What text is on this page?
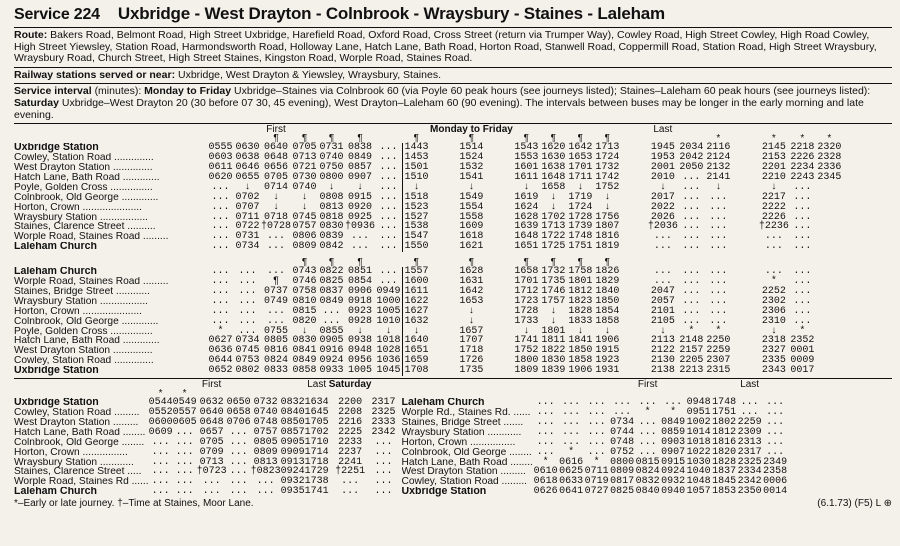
Service 224 Uxbridge - West Drayton - Colnbrook - Wraysbury - Staines - Laleham
Route: Bakers Road, Belmont Road, High Street Uxbridge, Harefield Road, Oxford Road, Cross Street (return via Trumper Way), Cowley Road, High Street Cowley, High Road Cowley, High Street Yiewsley, Station Road, Harmondsworth Road, Holloway Lane, Hatch Lane, Bath Road, Horton Road, Stanwell Road, Coppermill Road, Station Road, High Street Wraysbury, Wraysbury Road, Church Street, High Street Staines, Kingston Road, Worple Road, Staines Road.
Railway stations served or near: Uxbridge, West Drayton & Yiewsley, Wraysbury, Staines.
Service interval (minutes): Monday to Friday Uxbridge–Staines via Colnbrook 60 (via Poyle 60 peak hours (see journeys listed); Staines–Laleham 60 peak hours (see journeys listed): Saturday Uxbridge–West Drayton 20 (30 before 07 30, 45 evening), West Drayton–Laleham 60 (90 evening). The intervals between buses may be longer in the early morning and late evening.
			First						Monday to Friday						Last						
			¶	¶	¶	¶		¶	¶	¶	¶	¶	¶				*		*	*	*
Uxbridge Station	0555	0630	0640	0705	0731	0838	...	1443	1514	1543	1620	1642	1713		1945	2034	2116		2145	2218	2320
Cowley, Station Road ..............	0603	0638	0648	0713	0740	0849	...	1453	1524	1553	1630	1653	1724		1953	2042	2124		2153	2226	2328
West Drayton Station ..............	0611	0646	0656	0721	0750	0857	...	1501	1532	1601	1638	1701	1732		2001	2050	2132		2201	2234	2336
Hatch Lane, Bath Road .............	0620	0655	0705	0730	0800	0907	...	1510	1541	1611	1648	1711	1742		2010	...	2141		2210	2243	2345
Poyle, Golden Cross ...............	...	↓	0714	0740	↓	↓	...	↓	↓	↓	1658	↓	1752		↓	...	↓		↓	...	
Colnbrook, Old George .............	...	0702	↓	↓	0808	0915	...	1518	1549	1619	↓	1719	↓		2017	...	...		2217	...	
Horton, Crown .....................	...	0707	↓	↓	0813	0920	...	1523	1554	1624	↓	1724	↓		2022	...	...		2222	...	
Wraysbury Station .................	...	0711	0718	0745	0818	0925	...	1527	1558	1628	1702	1728	1756		2026	...	...		2226	...	
Staines, Clarence Street ..........	...	0722	†0728	0757	0830	†0936	...	1538	1609	1639	1713	1739	1807		†2036	...	...		†2236	...	
Worple Road, Staines Road .........	...	0731	...	0806	0839	...	...	1547	1618	1648	1722	1748	1816		...	...	...		...	...	
Laleham Church	...	0734	...	0809	0842	...	...	1550	1621	1651	1725	1751	1819		...	...	...		...	...	

				¶	¶	¶		¶	¶	¶	¶	¶	¶								
Laleham Church	...	...	...	0743	0822	0851	...	1557	1628	1658	1732	1758	1826		...	...	...		...	...	
Worple Road, Staines Road .........	...	...	¶	0746	0825	0854	...	1600	1631	1701	1735	1801	1829		...	...	...		*	...	
Staines, Bridge Street ............	...	...	0737	0758	0837	0906	0949	1611	1642	1712	1746	1812	1840		2047	...	...		2252	...	
Wraysbury Station .................	...	...	0749	0810	0849	0918	1000	1622	1653	1723	1757	1823	1850		2057	...	...		2302	...	
Horton, Crown .....................	...	...	...	0815	...	0923	1005	1627	↓	1728	↓	1828	1854		2101	...	...		2306	...	
Colnbrook, Old George .............	...	...	...	0820	...	0928	1010	1632	↓	1733	↓	1833	1858		2105	...	...		2310	...	
Poyle, Golden Cross ...............	*	...	0755	↓	0855	↓	↓	↓	1657	↓	1801	↓	↓		↓	*	*		↓	*	
Hatch Lane, Bath Road .............	0627	0734	0805	0830	0905	0938	1018	1640	1707	1741	1811	1841	1906		2113	2148	2250		2318	2352	
West Drayton Station ..............	0636	0745	0816	0841	0916	0948	1028	1651	1718	1752	1822	1850	1915		2122	2157	2259		2327	0001	
Cowley, Station Road ..............	0644	0753	0824	0849	0924	0956	1036	1659	1726	1800	1830	1858	1923		2130	2205	2307		2335	0009	
Uxbridge Station	0652	0802	0833	0858	0933	1005	1045	1708	1735	1809	1839	1906	1931		2138	2213	2315		2343	0017	
			First				Last	Saturday	
	*	*							
Uxbridge Station	0544	0549	0632	0650	0732	0832	1634	2200	2317
Cowley, Station Road .........	0552	0557	0640	0658	0740	0840	1645	2208	2325
West Drayton Station .........	0600	0605	0648	0706	0748	0850	1705	2216	2333
Hatch Lane, Bath Road ........	0609	...	0657	...	0757	0857	1702	2225	2342
Colnbrook, Old George ........	...	...	0705	...	0805	0905	1710	2233	...
Horton, Crown ................	...	...	0709	...	0809	0909	1714	2237	...
Wraysbury Station ............	...	...	0713	...	0813	0913	1718	2241	...
Staines, Clarence Street .....	...	...	†0723	...	†0823	0924	1729	†2251	...
Worple Road, Staines Rd ......	...	...	...	...	...	0932	1738	...	...
Laleham Church	...	...	...	...	...	0935	1741	...	...
					First				Last	

Laleham Church	...	...	...	...	...	...	0948	1748	...	...
Worple Rd., Staines Rd. ......	...	...	...	...	*	*	0951	1751	...	...
Staines, Bridge Street .......	...	...	...	0734	...	0849	1002	1802	2259	...
Wraysbury Station ............	...	...	...	0744	...	0859	1014	1812	2309	...
Horton, Crown ................	...	...	...	0748	...	0903	1018	1816	2313	...
Colnbrook, Old George ........	...	*	...	0752	...	0907	1022	1820	2317	...
Hatch Lane, Bath Road ........	*	0616	*	0800	0815	0915	1030	1828	2325	2349
West Drayton Station .........	0610	0625	0711	0809	0824	0924	1040	1837	2334	2358
Cowley, Station Road .........	0618	0633	0719	0817	0832	0932	1048	1845	2342	0006
Uxbridge Station	0626	0641	0727	0825	0840	0940	1057	1853	2350	0014
*–Early or late journey. †–Time at Staines, Moor Lane.	(6.1.73) (F5) L ⊕
